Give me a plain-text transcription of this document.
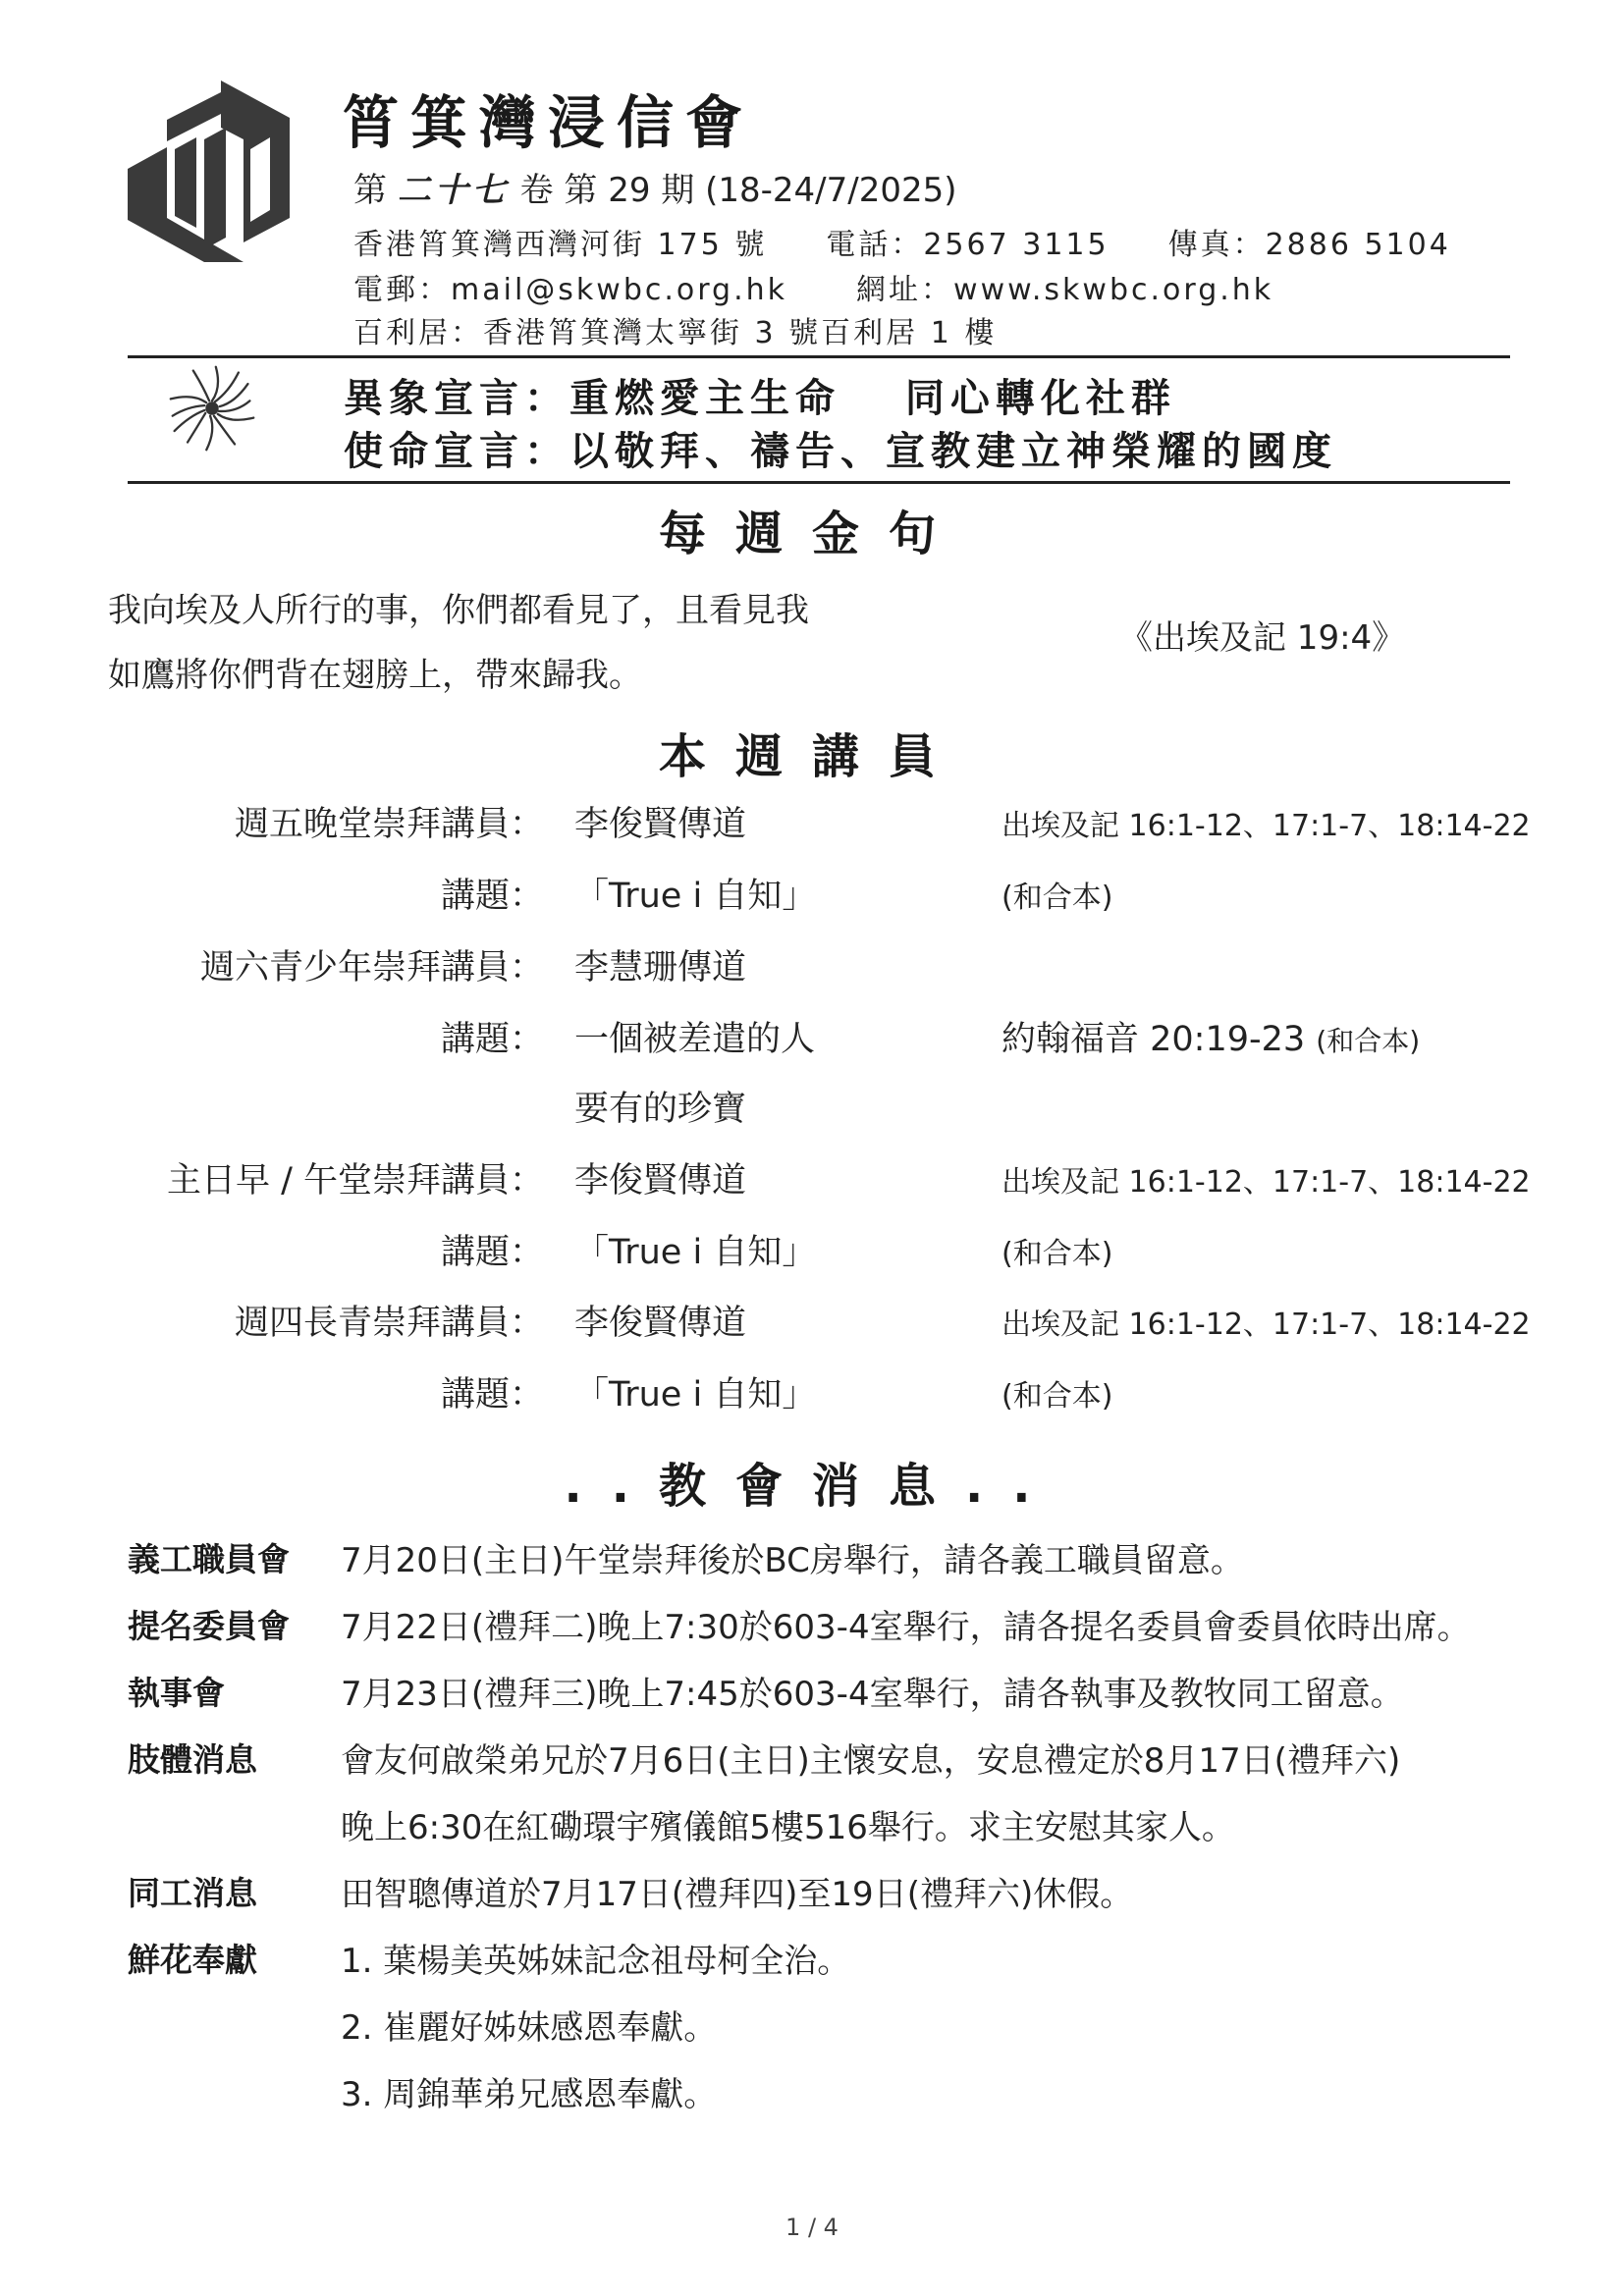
筲箕灣浸信會
第 二十七 卷 第 29 期 (18-24/7/2025)
香港筲箕灣西灣河街 175 號 電話：2567 3115 傳真：2886 5104
電郵：mail@skwbc.org.hk 網址：www.skwbc.org.hk
百利居：香港筲箕灣太寧街 3 號百利居 1 樓
異象宣言：重燃愛主生命　 同心轉化社群
使命宣言：以敬拜、禱告、宣教建立神榮耀的國度
每週金句
我向埃及人所行的事，你們都看見了，且看見我
如鷹將你們背在翅膀上，帶來歸我。
《出埃及記 19:4》
本週講員
週五晚堂崇拜講員： 李俊賢傳道	出埃及記 16:1-12、17:1-7、18:14-22
講題： 「True i 自知」	(和合本)
週六青少年崇拜講員： 李慧珊傳道
講題： 一個被差遣的人	約翰福音 20:19-23 (和合本)
要有的珍寶
主日早 / 午堂崇拜講員： 李俊賢傳道	出埃及記 16:1-12、17:1-7、18:14-22
講題： 「True i 自知」	(和合本)
週四長青崇拜講員： 李俊賢傳道	出埃及記 16:1-12、17:1-7、18:14-22
講題： 「True i 自知」	(和合本)
..教會消息..
義工職員會 7月20日(主日)午堂崇拜後於BC房舉行，請各義工職員留意。
提名委員會 7月22日(禮拜二)晚上7:30於603-4室舉行，請各提名委員會委員依時出席。
執事會	7月23日(禮拜三)晚上7:45於603-4室舉行，請各執事及教牧同工留意。
肢體消息	會友何啟榮弟兄於7月6日(主日)主懷安息，安息禮定於8月17日(禮拜六)
晚上6:30在紅磡環宇殯儀館5樓516舉行。求主安慰其家人。
同工消息	田智聰傳道於7月17日(禮拜四)至19日(禮拜六)休假。
鮮花奉獻	1. 葉楊美英姊妹記念祖母柯全治。
2. 崔麗好姊妹感恩奉獻。
3. 周錦華弟兄感恩奉獻。
1 / 4
